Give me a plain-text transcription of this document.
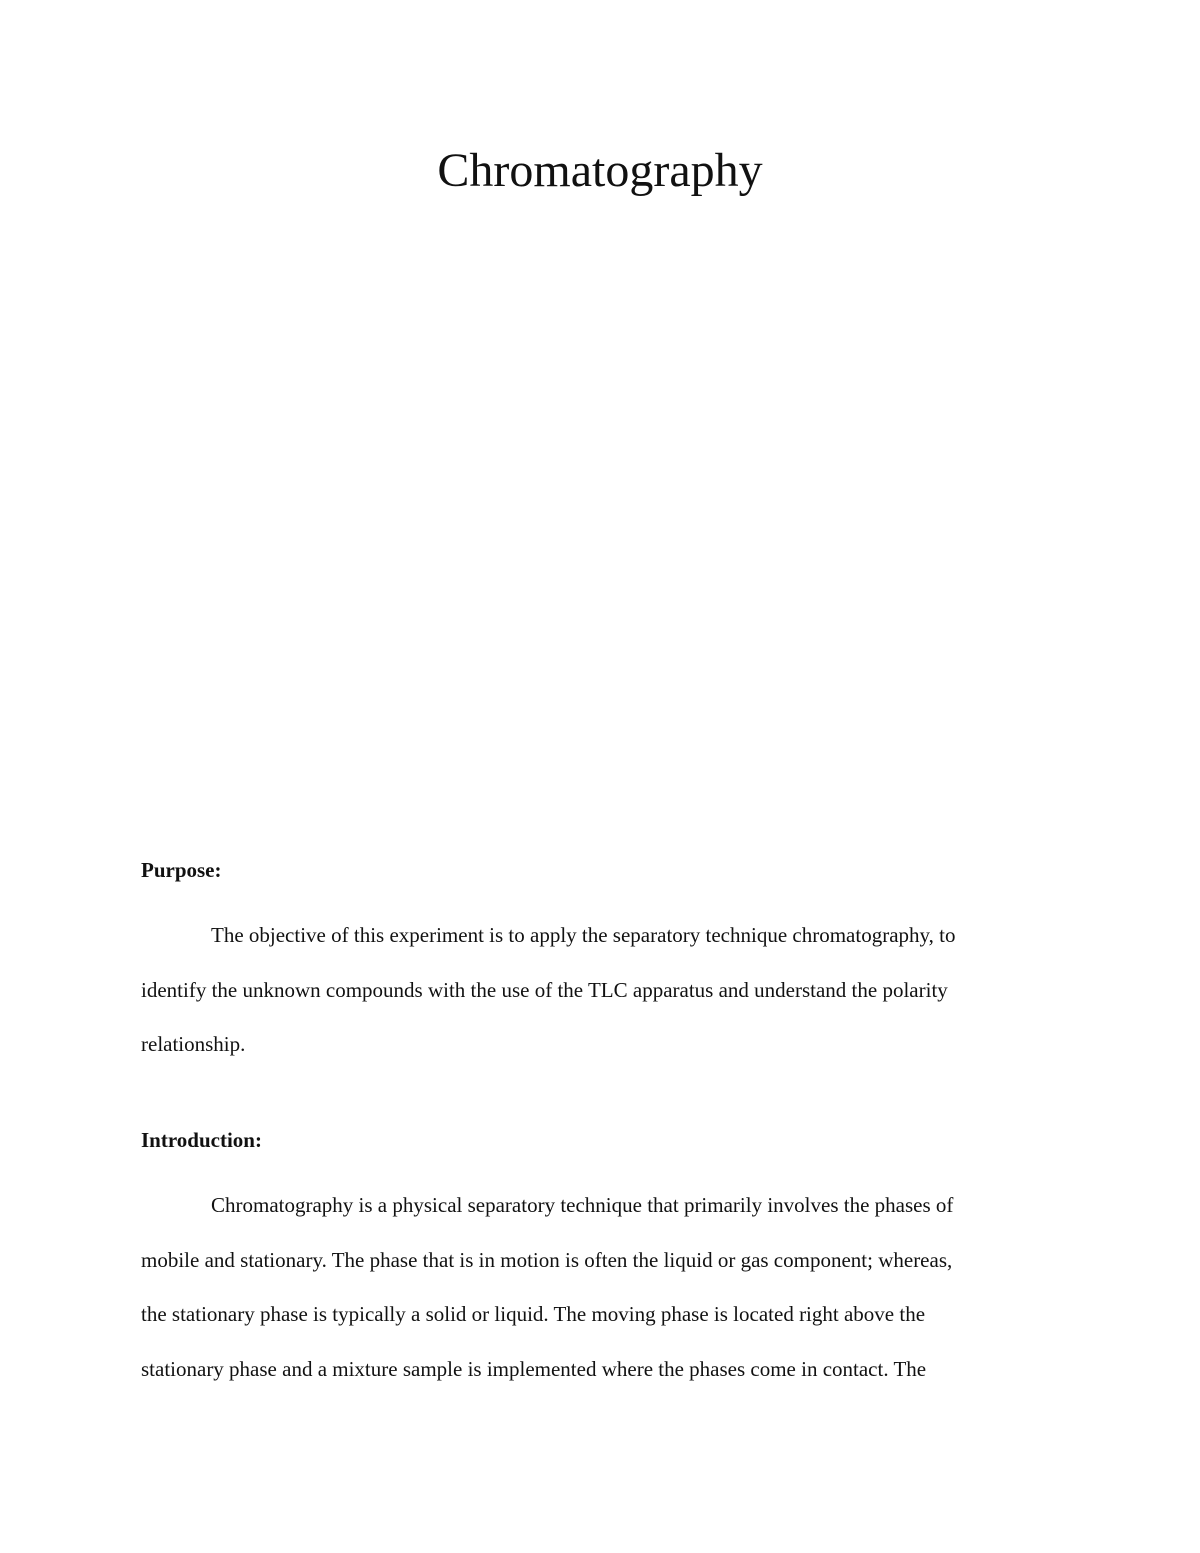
Chromatography

Purpose:

The objective of this experiment is to apply the separatory technique chromatography, to
identify the unknown compounds with the use of the TLC apparatus and understand the polarity
relationship.

Introduction:

Chromatography is a physical separatory technique that primarily involves the phases of
mobile and stationary. The phase that is in motion is often the liquid or gas component; whereas,
the stationary phase is typically a solid or liquid. The moving phase is located right above the
stationary phase and a mixture sample is implemented where the phases come in contact. The
